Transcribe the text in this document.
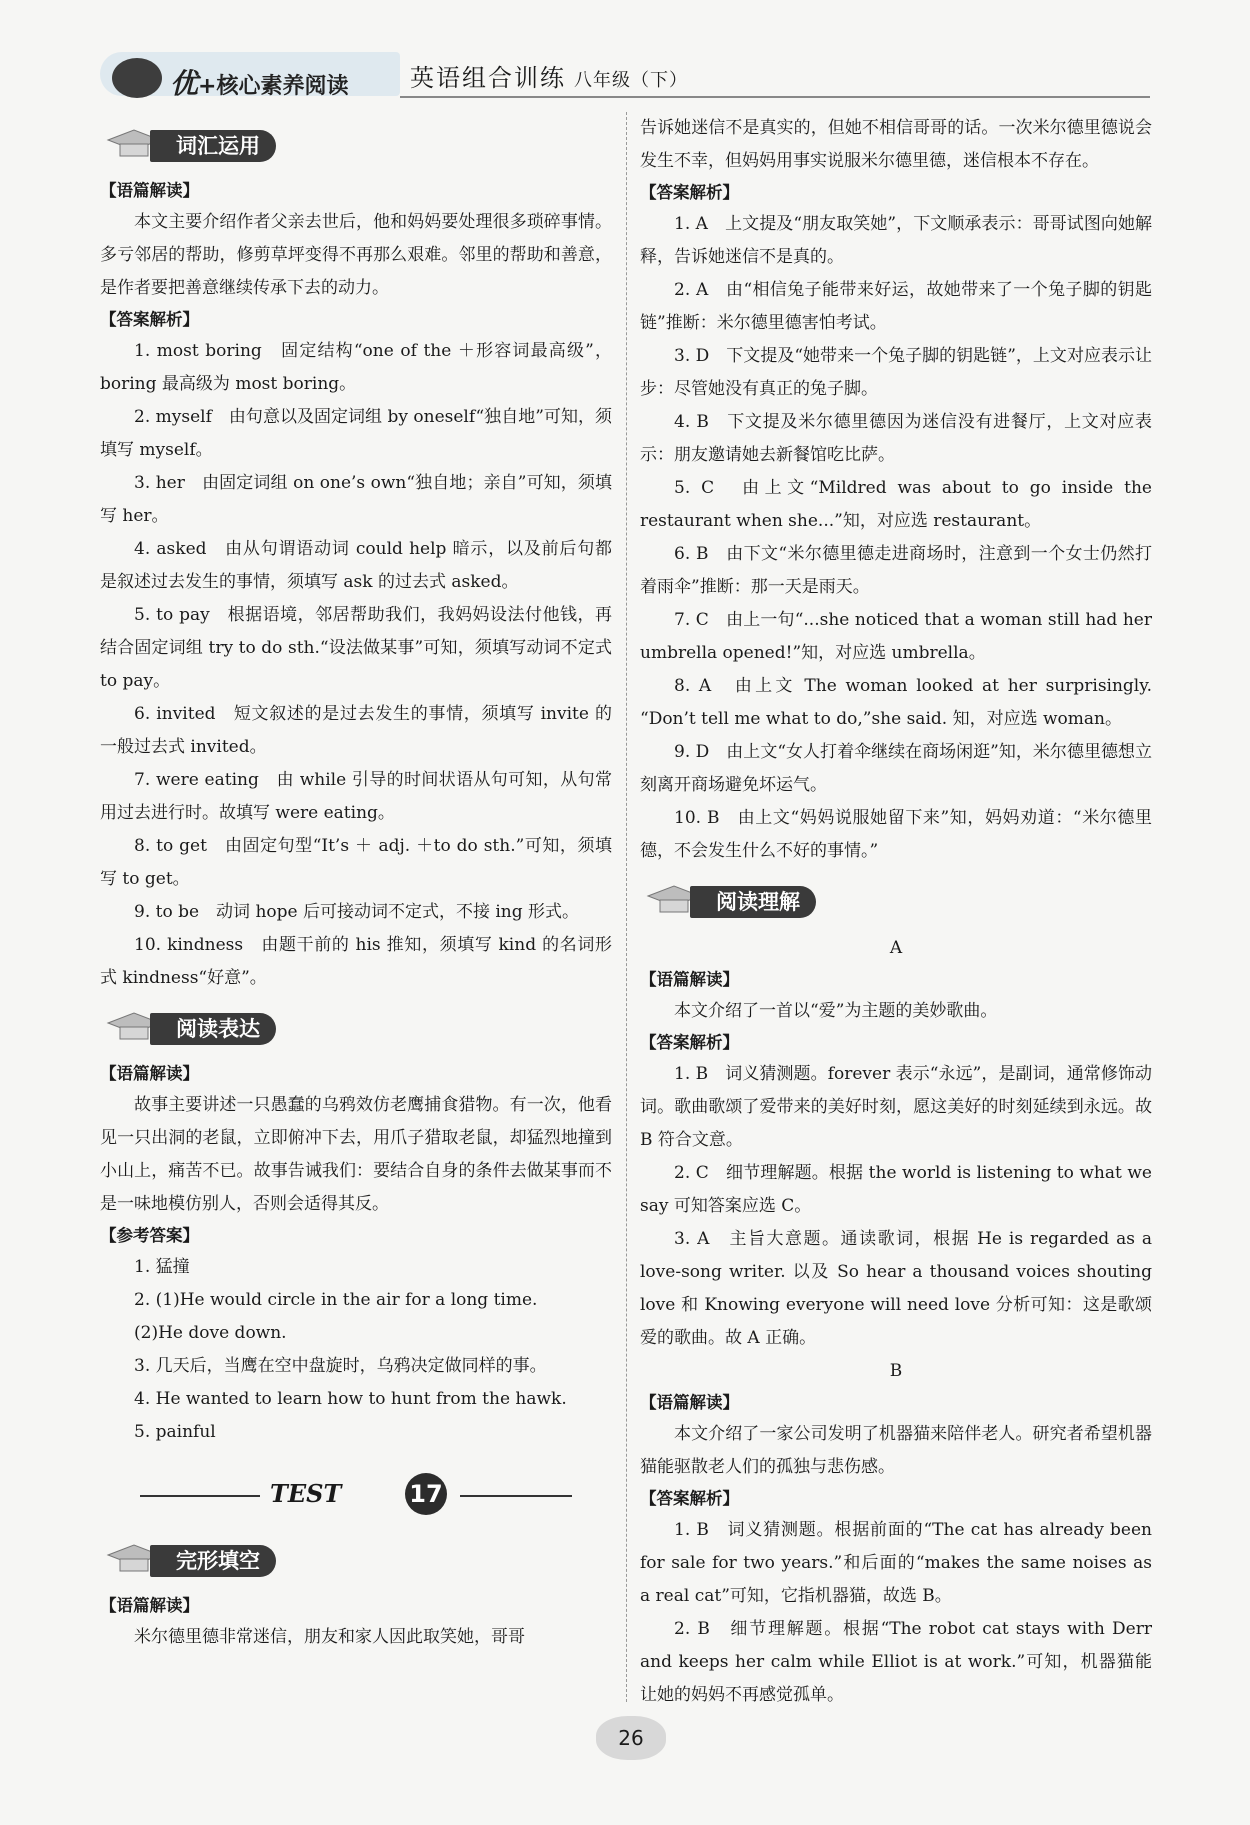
优+核心素养阅读	英语组合训练 八年级（下）
词汇运用
【语篇解读】

本文主要介绍作者父亲去世后，他和妈妈要处理很多琐碎事情。多亏邻居的帮助，修剪草坪变得不再那么艰难。邻里的帮助和善意，是作者要把善意继续传承下去的动力。

【答案解析】

1. most boring　固定结构“one of the ＋形容词最高级”，boring 最高级为 most boring。

2. myself　由句意以及固定词组 by oneself“独自地”可知，须填写 myself。

3. her　由固定词组 on one’s own“独自地；亲自”可知，须填写 her。

4. asked　由从句谓语动词 could help 暗示，以及前后句都是叙述过去发生的事情，须填写 ask 的过去式 asked。

5. to pay　根据语境，邻居帮助我们，我妈妈设法付他钱，再结合固定词组 try to do sth.“设法做某事”可知，须填写动词不定式 to pay。

6. invited　短文叙述的是过去发生的事情，须填写 invite 的一般过去式 invited。

7. were eating　由 while 引导的时间状语从句可知，从句常用过去进行时。故填写 were eating。

8. to get　由固定句型“It’s ＋ adj. ＋to do sth.”可知，须填写 to get。

9. to be　动词 hope 后可接动词不定式，不接 ing 形式。

10. kindness　由题干前的 his 推知，须填写 kind 的名词形式 kindness“好意”。

阅读表达
【语篇解读】

故事主要讲述一只愚蠢的乌鸦效仿老鹰捕食猎物。有一次，他看见一只出洞的老鼠，立即俯冲下去，用爪子猎取老鼠，却猛烈地撞到小山上，痛苦不已。故事告诫我们：要结合自身的条件去做某事而不是一味地模仿别人，否则会适得其反。

【参考答案】

1. 猛撞

2. (1)He would circle in the air for a long time.

(2)He dove down.

3. 几天后，当鹰在空中盘旋时，乌鸦决定做同样的事。

4. He wanted to learn how to hunt from the hawk.

5. painful

TEST	17
完形填空
【语篇解读】

米尔德里德非常迷信，朋友和家人因此取笑她，哥哥

告诉她迷信不是真实的，但她不相信哥哥的话。一次米尔德里德说会发生不幸，但妈妈用事实说服米尔德里德，迷信根本不存在。

【答案解析】

1. A　上文提及“朋友取笑她”，下文顺承表示：哥哥试图向她解释，告诉她迷信不是真的。

2. A　由“相信兔子能带来好运，故她带来了一个兔子脚的钥匙链”推断：米尔德里德害怕考试。

3. D　下文提及“她带来一个兔子脚的钥匙链”，上文对应表示让步：尽管她没有真正的兔子脚。

4. B　下文提及米尔德里德因为迷信没有进餐厅，上文对应表示：朋友邀请她去新餐馆吃比萨。

5. C　由上文“Mildred was about to go inside the restaurant when she...”知，对应选 restaurant。

6. B　由下文“米尔德里德走进商场时，注意到一个女士仍然打着雨伞”推断：那一天是雨天。

7. C　由上一句“...she noticed that a woman still had her umbrella opened!”知，对应选 umbrella。

8. A　由上文 The woman looked at her surprisingly. “Don’t tell me what to do,”she said. 知，对应选 woman。

9. D　由上文“女人打着伞继续在商场闲逛”知，米尔德里德想立刻离开商场避免坏运气。

10. B　由上文“妈妈说服她留下来”知，妈妈劝道：“米尔德里德，不会发生什么不好的事情。”

阅读理解
A
【语篇解读】

本文介绍了一首以“爱”为主题的美妙歌曲。

【答案解析】

1. B　词义猜测题。forever 表示“永远”，是副词，通常修饰动词。歌曲歌颂了爱带来的美好时刻，愿这美好的时刻延续到永远。故 B 符合文意。

2. C　细节理解题。根据 the world is listening to what we say 可知答案应选 C。

3. A　主旨大意题。通读歌词，根据 He is regarded as a love-song writer. 以及 So hear a thousand voices shouting love 和 Knowing everyone will need love 分析可知：这是歌颂爱的歌曲。故 A 正确。

B
【语篇解读】

本文介绍了一家公司发明了机器猫来陪伴老人。研究者希望机器猫能驱散老人们的孤独与悲伤感。

【答案解析】

1. B　词义猜测题。根据前面的“The cat has already been for sale for two years.”和后面的“makes the same noises as a real cat”可知，它指机器猫，故选 B。

2. B　细节理解题。根据“The robot cat stays with Derr and keeps her calm while Elliot is at work.”可知，机器猫能让她的妈妈不再感觉孤单。

26
